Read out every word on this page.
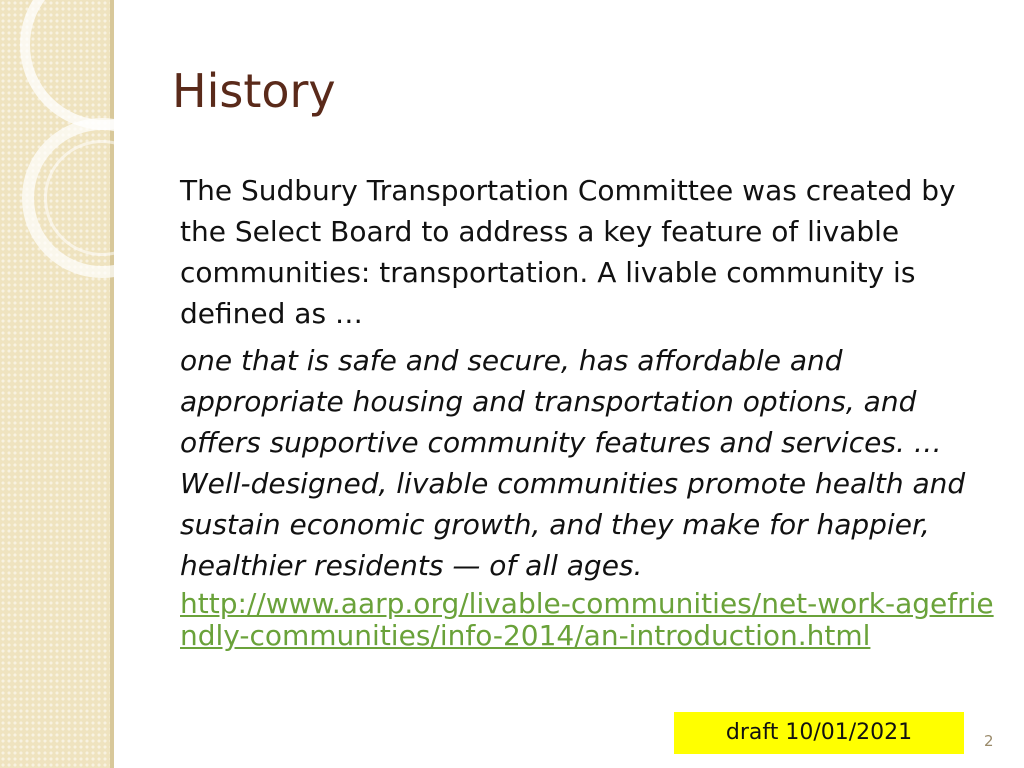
History

The Sudbury Transportation Committee was created by the Select Board to address a key feature of livable communities: transportation. A livable community is defined as …

one that is safe and secure, has affordable and appropriate housing and transportation options, and offers supportive community features and services. … Well-designed, livable communities promote health and sustain economic growth, and they make for happier, healthier residents — of all ages.

http://www.aarp.org/livable-communities/net-work-agefriendly-communities/info-2014/an-introduction.html
draft 10/01/2021	2
